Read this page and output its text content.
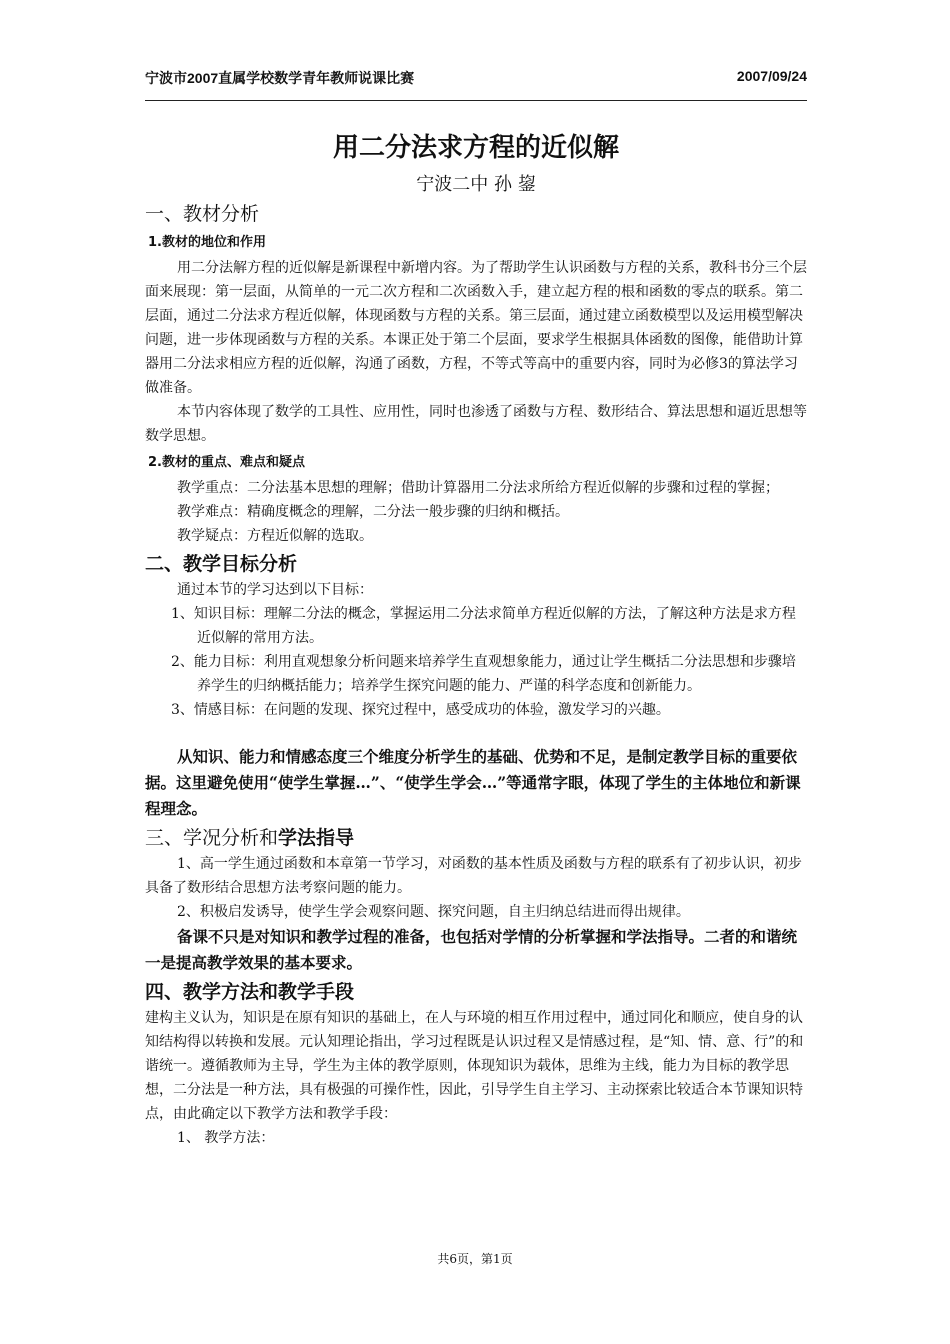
宁波市2007直属学校数学青年教师说课比赛	2007/09/24

用二分法求方程的近似解

宁波二中 孙 鋆

一、教材分析

1.教材的地位和作用

用二分法解方程的近似解是新课程中新增内容。为了帮助学生认识函数与方程的关系，教科书分三个层面来展现：第一层面，从简单的一元二次方程和二次函数入手，建立起方程的根和函数的零点的联系。第二层面，通过二分法求方程近似解，体现函数与方程的关系。第三层面，通过建立函数模型以及运用模型解决问题，进一步体现函数与方程的关系。本课正处于第二个层面，要求学生根据具体函数的图像，能借助计算器用二分法求相应方程的近似解，沟通了函数，方程，不等式等高中的重要内容，同时为必修3的算法学习做准备。

本节内容体现了数学的工具性、应用性，同时也渗透了函数与方程、数形结合、算法思想和逼近思想等数学思想。

2.教材的重点、难点和疑点

教学重点：二分法基本思想的理解；借助计算器用二分法求所给方程近似解的步骤和过程的掌握；

教学难点：精确度概念的理解，二分法一般步骤的归纳和概括。

教学疑点：方程近似解的选取。

二、教学目标分析

通过本节的学习达到以下目标：

1、知识目标：理解二分法的概念，掌握运用二分法求简单方程近似解的方法，了解这种方法是求方程近似解的常用方法。

2、能力目标：利用直观想象分析问题来培养学生直观想象能力，通过让学生概括二分法思想和步骤培养学生的归纳概括能力；培养学生探究问题的能力、严谨的科学态度和创新能力。

3、情感目标：在问题的发现、探究过程中，感受成功的体验，激发学习的兴趣。

从知识、能力和情感态度三个维度分析学生的基础、优势和不足，是制定教学目标的重要依据。这里避免使用“使学生掌握…”、“使学生学会…”等通常字眼，体现了学生的主体地位和新课程理念。

三、学况分析和学法指导

1、高一学生通过函数和本章第一节学习，对函数的基本性质及函数与方程的联系有了初步认识，初步具备了数形结合思想方法考察问题的能力。

2、积极启发诱导，使学生学会观察问题、探究问题，自主归纳总结进而得出规律。

备课不只是对知识和教学过程的准备，也包括对学情的分析掌握和学法指导。二者的和谐统一是提高教学效果的基本要求。

四、教学方法和教学手段

建构主义认为，知识是在原有知识的基础上，在人与环境的相互作用过程中，通过同化和顺应，使自身的认知结构得以转换和发展。元认知理论指出，学习过程既是认识过程又是情感过程，是“知、情、意、行”的和谐统一。遵循教师为主导，学生为主体的教学原则，体现知识为载体，思维为主线，能力为目标的教学思想，二分法是一种方法，具有极强的可操作性，因此，引导学生自主学习、主动探索比较适合本节课知识特点，由此确定以下教学方法和教学手段：

1、 教学方法：

共6页，第1页
